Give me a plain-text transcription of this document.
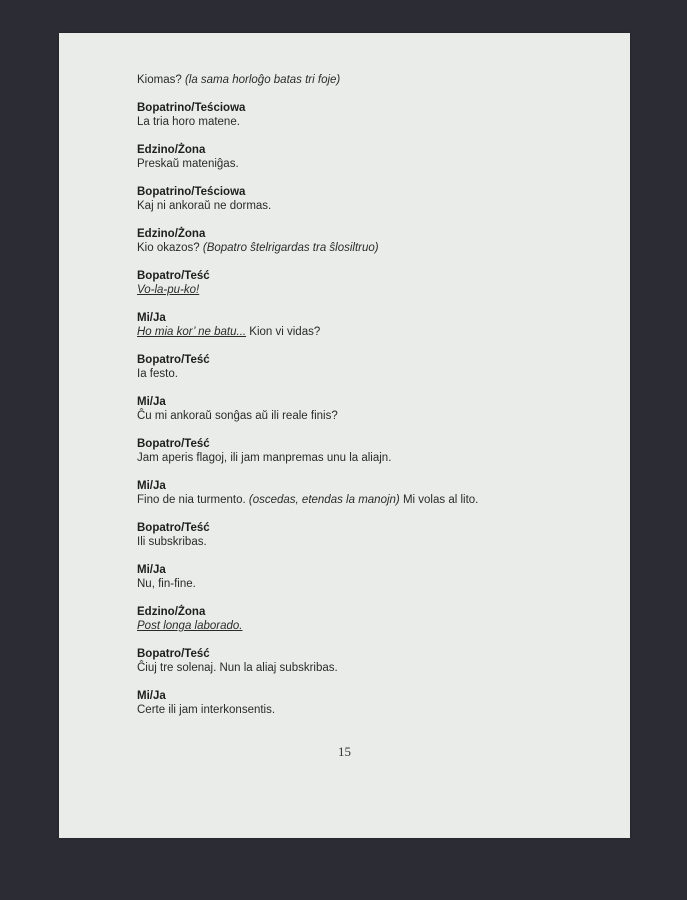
Kiomas? (la sama horloĝo batas tri foje)
Bopatrino/Teściowa
La tria horo matene.
Edzino/Żona
Preskaŭ mateniĝas.
Bopatrino/Teściowa
Kaj ni ankoraŭ ne dormas.
Edzino/Żona
Kio okazos? (Bopatro ŝtelrigardas tra ŝlosiltruo)
Bopatro/Teść
Vo-la-pu-ko!
Mi/Ja
Ho mia kor’ ne batu... Kion vi vidas?
Bopatro/Teść
Ia festo.
Mi/Ja
Ĉu mi ankoraŭ sonĝas aŭ ili reale finis?
Bopatro/Teść
Jam aperis flagoj, ili jam manpremas unu la aliajn.
Mi/Ja
Fino de nia turmento. (oscedas, etendas la manojn) Mi volas al lito.
Bopatro/Teść
Ili subskribas.
Mi/Ja
Nu, fin-fine.
Edzino/Żona
Post longa laborado.
Bopatro/Teść
Ĉiuj tre solenaj. Nun la aliaj subskribas.
Mi/Ja
Certe ili jam interkonsentis.
15
